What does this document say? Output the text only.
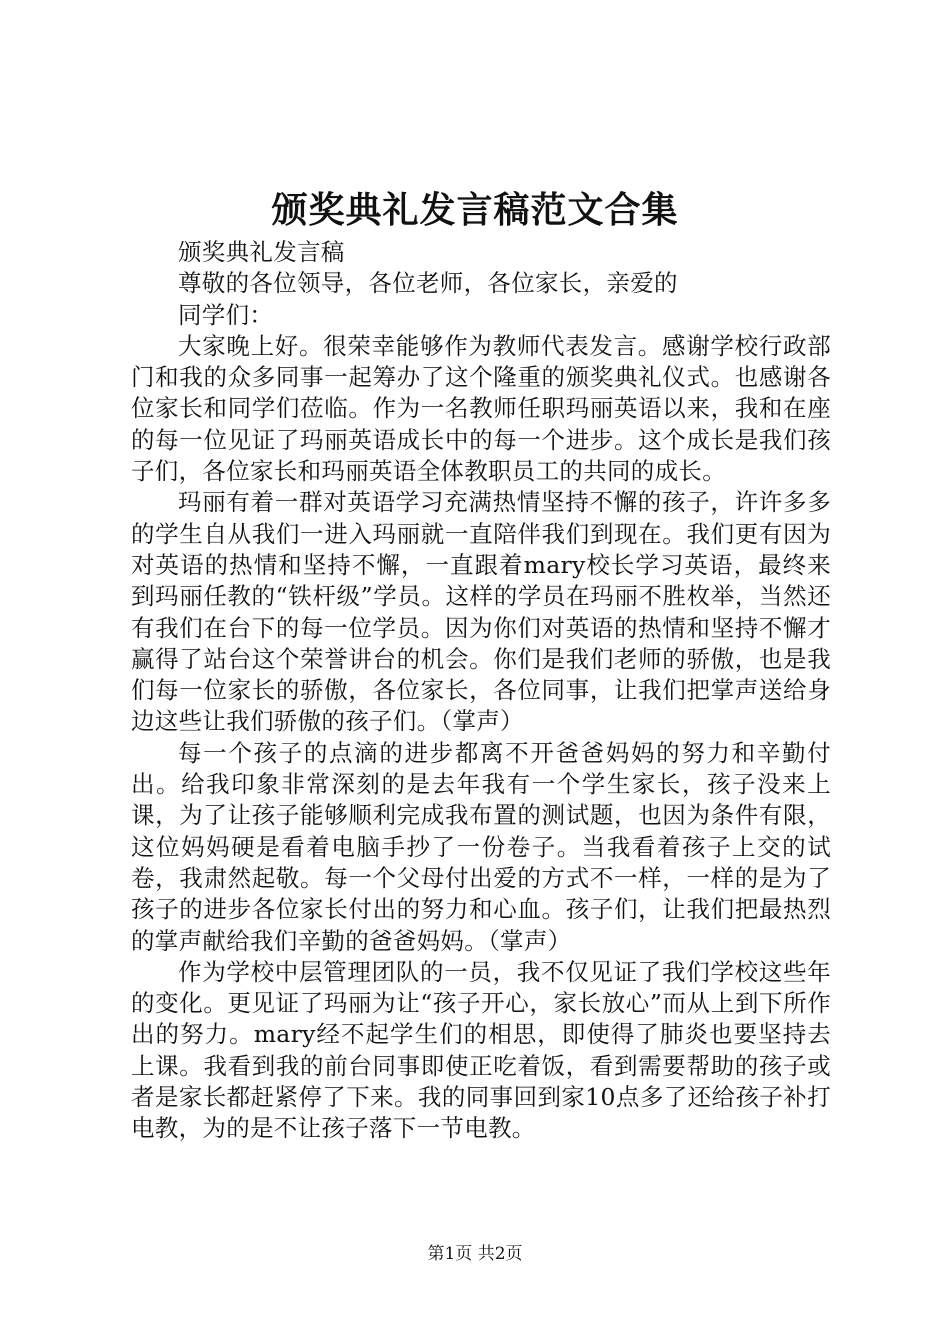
颁奖典礼发言稿范文合集

颁奖典礼发言稿

尊敬的各位领导，各位老师，各位家长，亲爱的

同学们：

大家晚上好。很荣幸能够作为教师代表发言。感谢学校行政部门和我的众多同事一起筹办了这个隆重的颁奖典礼仪式。也感谢各位家长和同学们莅临。作为一名教师任职玛丽英语以来，我和在座的每一位见证了玛丽英语成长中的每一个进步。这个成长是我们孩子们，各位家长和玛丽英语全体教职员工的共同的成长。

玛丽有着一群对英语学习充满热情坚持不懈的孩子，许许多多的学生自从我们一进入玛丽就一直陪伴我们到现在。我们更有因为对英语的热情和坚持不懈，一直跟着mary校长学习英语，最终来到玛丽任教的“铁杆级”学员。这样的学员在玛丽不胜枚举，当然还有我们在台下的每一位学员。因为你们对英语的热情和坚持不懈才赢得了站台这个荣誉讲台的机会。你们是我们老师的骄傲，也是我们每一位家长的骄傲，各位家长，各位同事，让我们把掌声送给身边这些让我们骄傲的孩子们。（掌声）

每一个孩子的点滴的进步都离不开爸爸妈妈的努力和辛勤付出。给我印象非常深刻的是去年我有一个学生家长，孩子没来上课，为了让孩子能够顺利完成我布置的测试题，也因为条件有限，这位妈妈硬是看着电脑手抄了一份卷子。当我看着孩子上交的试卷，我肃然起敬。每一个父母付出爱的方式不一样，一样的是为了孩子的进步各位家长付出的努力和心血。孩子们，让我们把最热烈的掌声献给我们辛勤的爸爸妈妈。（掌声）

作为学校中层管理团队的一员，我不仅见证了我们学校这些年的变化。更见证了玛丽为让“孩子开心，家长放心”而从上到下所作出的努力。mary经不起学生们的相思，即使得了肺炎也要坚持去上课。我看到我的前台同事即使正吃着饭，看到需要帮助的孩子或者是家长都赶紧停了下来。我的同事回到家10点多了还给孩子补打电教，为的是不让孩子落下一节电教。

第1页 共2页
